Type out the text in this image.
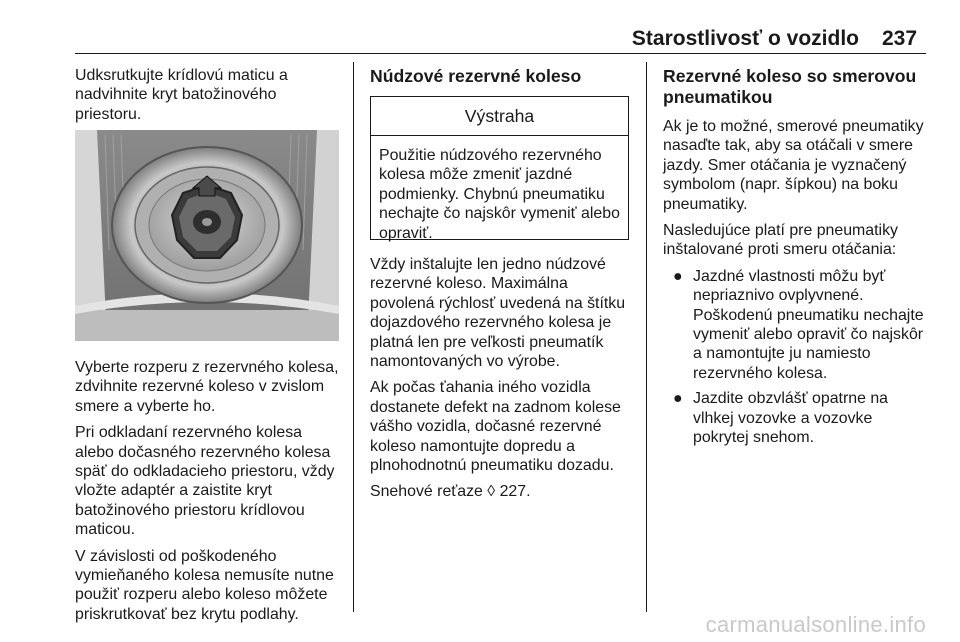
Starostlivosť o vozidlo 237

Udksrutkujte krídlovú maticu a nadvihnite kryt batožinového priestoru.

Vyberte rozperu z rezervného kolesa, zdvihnite rezervné koleso v zvislom smere a vyberte ho.

Pri odkladaní rezervného kolesa alebo dočasného rezervného kolesa späť do odkladacieho priestoru, vždy vložte adaptér a zaistite kryt batožinového priestoru krídlovou maticou.

V závislosti od poškodeného vymieňaného kolesa nemusíte nutne použiť rozperu alebo koleso môžete priskrutkovať bez krytu podlahy.

Núdzové rezervné koleso
Výstraha
Použitie núdzového rezervného kolesa môže zmeniť jazdné podmienky. Chybnú pneumatiku nechajte čo najskôr vymeniť alebo opraviť.

Vždy inštalujte len jedno núdzové rezervné koleso. Maximálna povolená rýchlosť uvedená na štítku dojazdového rezervného kolesa je platná len pre veľkosti pneumatík namontovaných vo výrobe.

Ak počas ťahania iného vozidla dostanete defekt na zadnom kolese vášho vozidla, dočasné rezervné koleso namontujte dopredu a plnohodnotnú pneumatiku dozadu.

Snehové reťaze ◊ 227.

Rezervné koleso so smerovou pneumatikou

Ak je to možné, smerové pneumatiky nasaďte tak, aby sa otáčali v smere jazdy. Smer otáčania je vyznačený symbolom (napr. šípkou) na boku pneumatiky.

Nasledujúce platí pre pneumatiky inštalované proti smeru otáčania:

● Jazdné vlastnosti môžu byť nepriaznivo ovplyvnené.
Poškodenú pneumatiku nechajte vymeniť alebo opraviť čo najskôr a namontujte ju namiesto rezervného kolesa.
● Jazdite obzvlášť opatrne na vlhkej vozovke a vozovke pokrytej snehom.
carmanualsonline.info
